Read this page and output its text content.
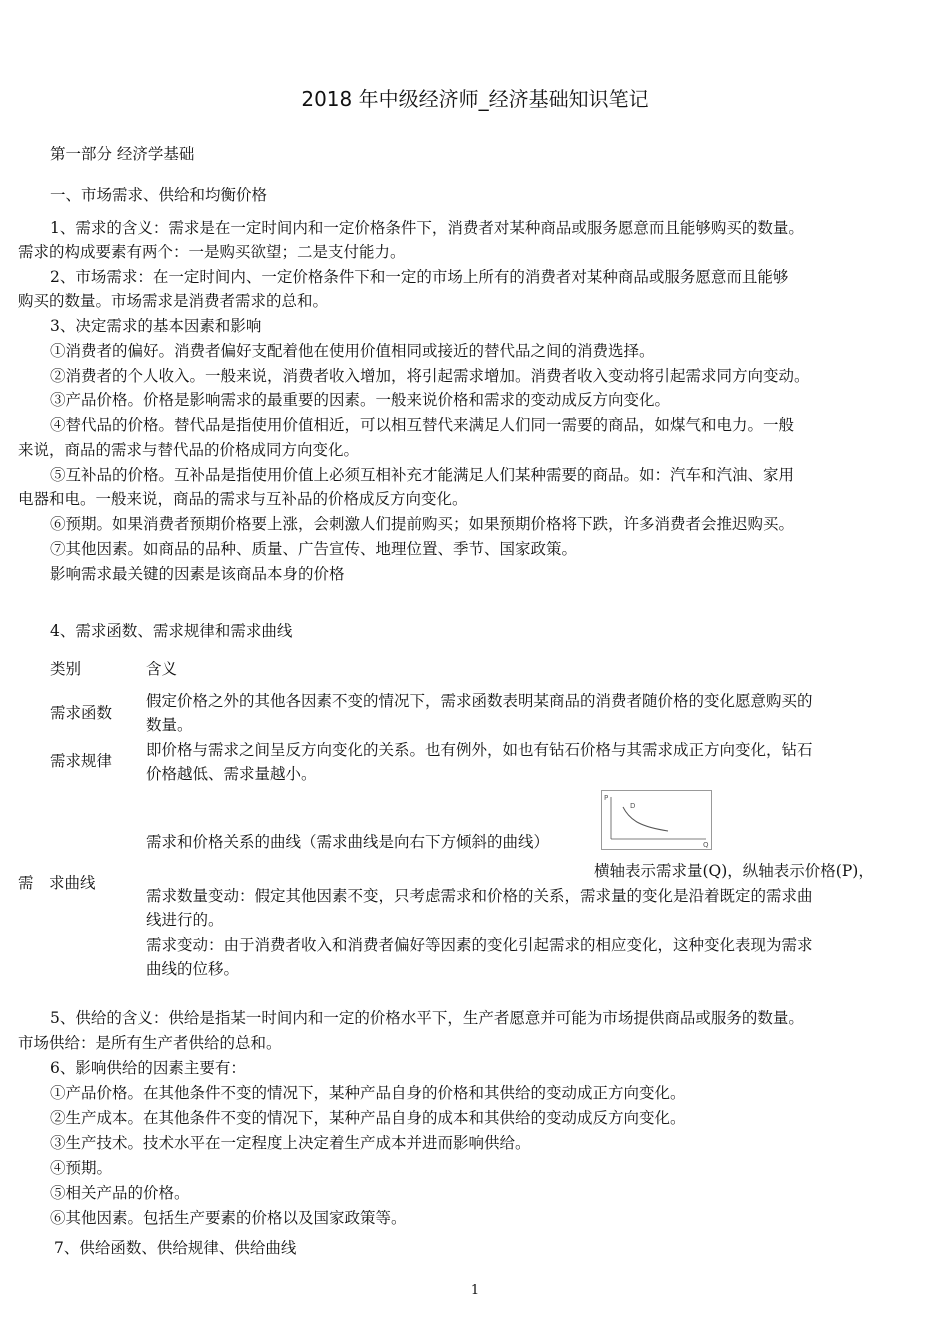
2018 年中级经济师_经济基础知识笔记
第一部分 经济学基础
一、市场需求、供给和均衡价格
1、需求的含义：需求是在一定时间内和一定价格条件下，消费者对某种商品或服务愿意而且能够购买的数量。
需求的构成要素有两个：一是购买欲望；二是支付能力。
2、市场需求：在一定时间内、一定价格条件下和一定的市场上所有的消费者对某种商品或服务愿意而且能够
购买的数量。市场需求是消费者需求的总和。
3、决定需求的基本因素和影响
①消费者的偏好。消费者偏好支配着他在使用价值相同或接近的替代品之间的消费选择。
②消费者的个人收入。一般来说，消费者收入增加，将引起需求增加。消费者收入变动将引起需求同方向变动。
③产品价格。价格是影响需求的最重要的因素。一般来说价格和需求的变动成反方向变化。
④替代品的价格。替代品是指使用价值相近，可以相互替代来满足人们同一需要的商品，如煤气和电力。一般
来说，商品的需求与替代品的价格成同方向变化。
⑤互补品的价格。互补品是指使用价值上必须互相补充才能满足人们某种需要的商品。如：汽车和汽油、家用
电器和电。一般来说，商品的需求与互补品的价格成反方向变化。
⑥预期。如果消费者预期价格要上涨，会刺激人们提前购买；如果预期价格将下跌，许多消费者会推迟购买。
⑦其他因素。如商品的品种、质量、广告宣传、地理位置、季节、国家政策。
影响需求最关键的因素是该商品本身的价格
4、需求函数、需求规律和需求曲线
类别	含义
需求函数
假定价格之外的其他各因素不变的情况下，需求函数表明某商品的消费者随价格的变化愿意购买的
数量。
需求规律
即价格与需求之间呈反方向变化的关系。也有例外，如也有钻石价格与其需求成正方向变化，钻石
价格越低、需求量越小。
需求和价格关系的曲线（需求曲线是向右下方倾斜的曲线）
P
D
Q
需　求曲线
横轴表示需求量(Q)，纵轴表示价格(P)，
需求数量变动：假定其他因素不变，只考虑需求和价格的关系，需求量的变化是沿着既定的需求曲
线进行的。
需求变动：由于消费者收入和消费者偏好等因素的变化引起需求的相应变化，这种变化表现为需求
曲线的位移。
5、供给的含义：供给是指某一时间内和一定的价格水平下，生产者愿意并可能为市场提供商品或服务的数量。
市场供给：是所有生产者供给的总和。
6、影响供给的因素主要有：
①产品价格。在其他条件不变的情况下，某种产品自身的价格和其供给的变动成正方向变化。
②生产成本。在其他条件不变的情况下，某种产品自身的成本和其供给的变动成反方向变化。
③生产技术。技术水平在一定程度上决定着生产成本并进而影响供给。
④预期。
⑤相关产品的价格。
⑥其他因素。包括生产要素的价格以及国家政策等。
7、供给函数、供给规律、供给曲线
1
